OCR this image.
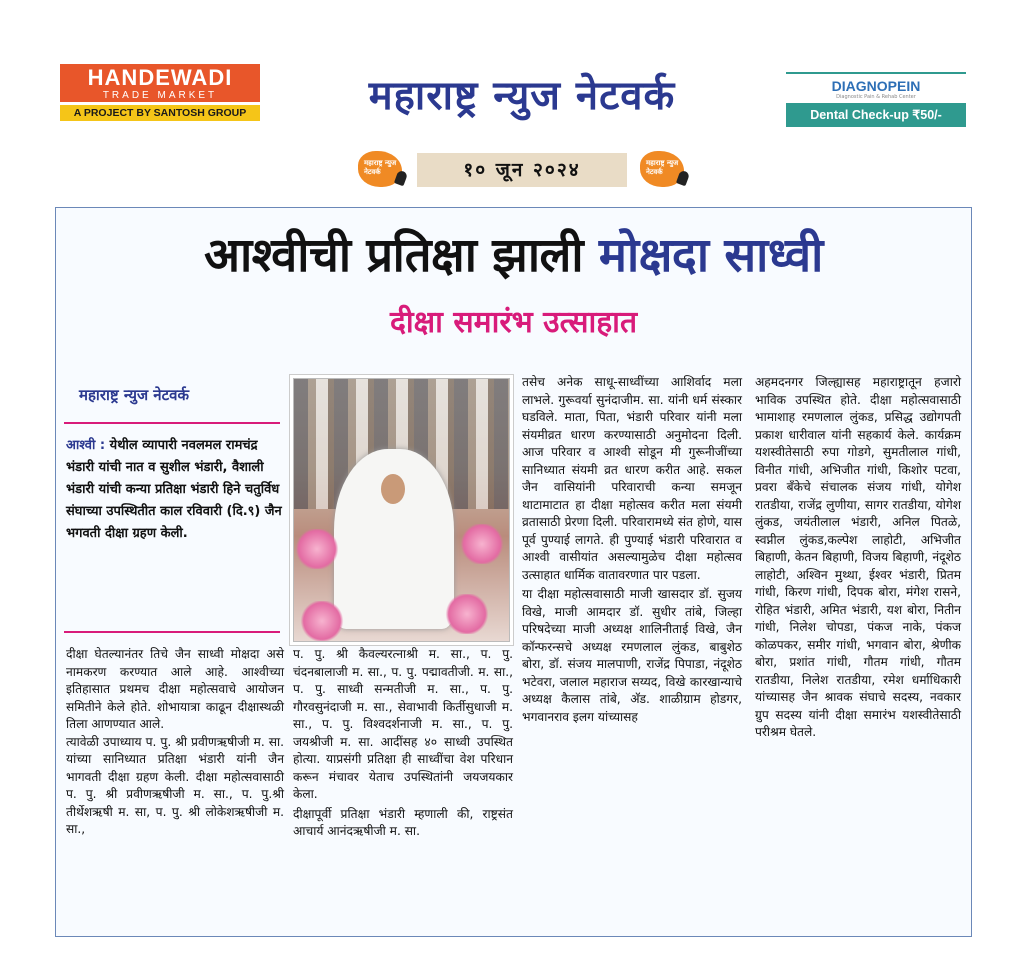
HANDEWADI
TRADE MARKET
A PROJECT BY SANTOSH GROUP	महाराष्ट्र न्युज नेटवर्क	DIAGNOPEIN
Diagnostic Pain & Rehab Center
Dental Check-up ₹50/-
महाराष्ट्र न्युज नेटवर्क	१० जून २०२४	महाराष्ट्र न्युज नेटवर्क
आश्वीची प्रतिक्षा झाली मोक्षदा साध्वी
दीक्षा समारंभ उत्साहात
महाराष्ट्र न्युज नेटवर्क
आश्वी : येथील व्यापारी नवलमल रामचंद्र भंडारी यांची नात व सुशील भंडारी, वैशाली भंडारी यांची कन्या प्रतिक्षा भंडारी हिने चतुर्विध संघाच्या उपस्थितीत काल रविवारी (दि.९) जैन भगवती दीक्षा ग्रहण केली.

दीक्षा घेतल्यानंतर तिचे जैन साध्वी मोक्षदा असे नामकरण करण्यात आले आहे. आश्वीच्या इतिहासात प्रथमच दीक्षा महोत्सवाचे आयोजन समितीने केले होते. शोभायात्रा काढून दीक्षास्थळी तिला आणण्यात आले.

त्यावेळी उपाध्याय प. पु. श्री प्रवीणऋषीजी म. सा. यांच्या सानिध्यात प्रतिक्षा भंडारी यांनी जैन भागवती दीक्षा ग्रहण केली. दीक्षा महोत्सवासाठी प. पु. श्री प्रवीणऋषीजी म. सा., प. पु.श्री तीर्थेशऋषी म. सा, प. पु. श्री लोकेशऋषीजी म. सा.,

प. पु. श्री कैवल्यरत्नाश्री म. सा., प. पु. चंदनबालाजी म. सा., प. पु. पद्मावतीजी. म. सा., प. पु. साध्वी सन्मतीजी म. सा., प. पु. गौरवसुनंदाजी म. सा., सेवाभावी किर्तीसुधाजी म. सा., प. पु. विश्वदर्शनाजी म. सा., प. पु. जयश्रीजी म. सा. आदींसह ४० साध्वी उपस्थित होत्या. याप्रसंगी प्रतिक्षा ही साध्वींचा वेश परिधान करून मंचावर येताच उपस्थितांनी जयजयकार केला.

दीक्षापूर्वी प्रतिक्षा भंडारी म्हणाली की, राष्ट्रसंत आचार्य आनंदऋषीजी म. सा.

तसेच अनेक साधू-साध्वींच्या आशिर्वाद मला लाभले. गुरूवर्या सुनंदाजीम. सा. यांनी धर्म संस्कार घडविले. माता, पिता, भंडारी परिवार यांनी मला संयमीव्रत धारण करण्यासाठी अनुमोदना दिली. आज परिवार व आश्वी सोडून मी गुरूनीजींच्या सानिध्यात संयमी व्रत धारण करीत आहे. सकल जैन वासियांनी परिवाराची कन्या समजून थाटामाटात हा दीक्षा महोत्सव करीत मला संयमी व्रतासाठी प्रेरणा दिली. परिवारामध्ये संत होणे, यास पूर्व पुण्याई लागते. ही पुण्याई भंडारी परिवारात व आश्वी वासीयांत असल्यामुळेच दीक्षा महोत्सव उत्साहात धार्मिक वातावरणात पार पडला.

या दीक्षा महोत्सवासाठी माजी खासदार डॉ. सुजय विखे, माजी आमदार डॉ. सुधीर तांबे, जिल्हा परिषदेच्या माजी अध्यक्ष शालिनीताई विखे, जैन कॉन्फरन्सचे अध्यक्ष रमणलाल लुंकड, बाबुशेठ बोरा, डॉ. संजय मालपाणी, राजेंद्र पिपाडा, नंदूशेठ भटेवरा, जलाल महाराज सय्यद, विखे कारखान्याचे अध्यक्ष कैलास तांबे, अ‍ॅड. शाळीग्राम होडगर, भगवानराव इलग यांच्यासह

अहमदनगर जिल्ह्यासह महाराष्ट्रातून हजारो भाविक उपस्थित होते. दीक्षा महोत्सवासाठी भामाशाह रमणलाल लुंकड, प्रसिद्ध उद्योगपती प्रकाश धारीवाल यांनी सहकार्य केले. कार्यक्रम यशस्वीतेसाठी रुपा गोडगे, सुमतीलाल गांधी, विनीत गांधी, अभिजीत गांधी, किशोर पटवा, प्रवरा बँकेचे संचालक संजय गांधी, योगेश रातडीया, राजेंद्र लुणीया, सागर रातडीया, योगेश लुंकड, जयंतीलाल भंडारी, अनिल पितळे, स्वप्नील लुंकड,कल्पेश लाहोटी, अभिजीत बिहाणी, केतन बिहाणी, विजय बिहाणी, नंदूशेठ लाहोटी, अश्विन मुथ्था, ईश्वर भंडारी, प्रितम गांधी, किरण गांधी, दिपक बोरा, मंगेश रासने, रोहित भंडारी, अमित भंडारी, यश बोरा, नितीन गांधी, निलेश चोपडा, पंकज नाके, पंकज कोळपकर, समीर गांधी, भगवान बोरा, श्रेणीक बोरा, प्रशांत गांधी, गौतम गांधी, गौतम रातडीया, निलेश रातडीया, रमेश धर्माधिकारी यांच्यासह जैन श्रावक संघाचे सदस्य, नवकार ग्रुप सदस्य यांनी दीक्षा समारंभ यशस्वीतेसाठी परीश्रम घेतले.
